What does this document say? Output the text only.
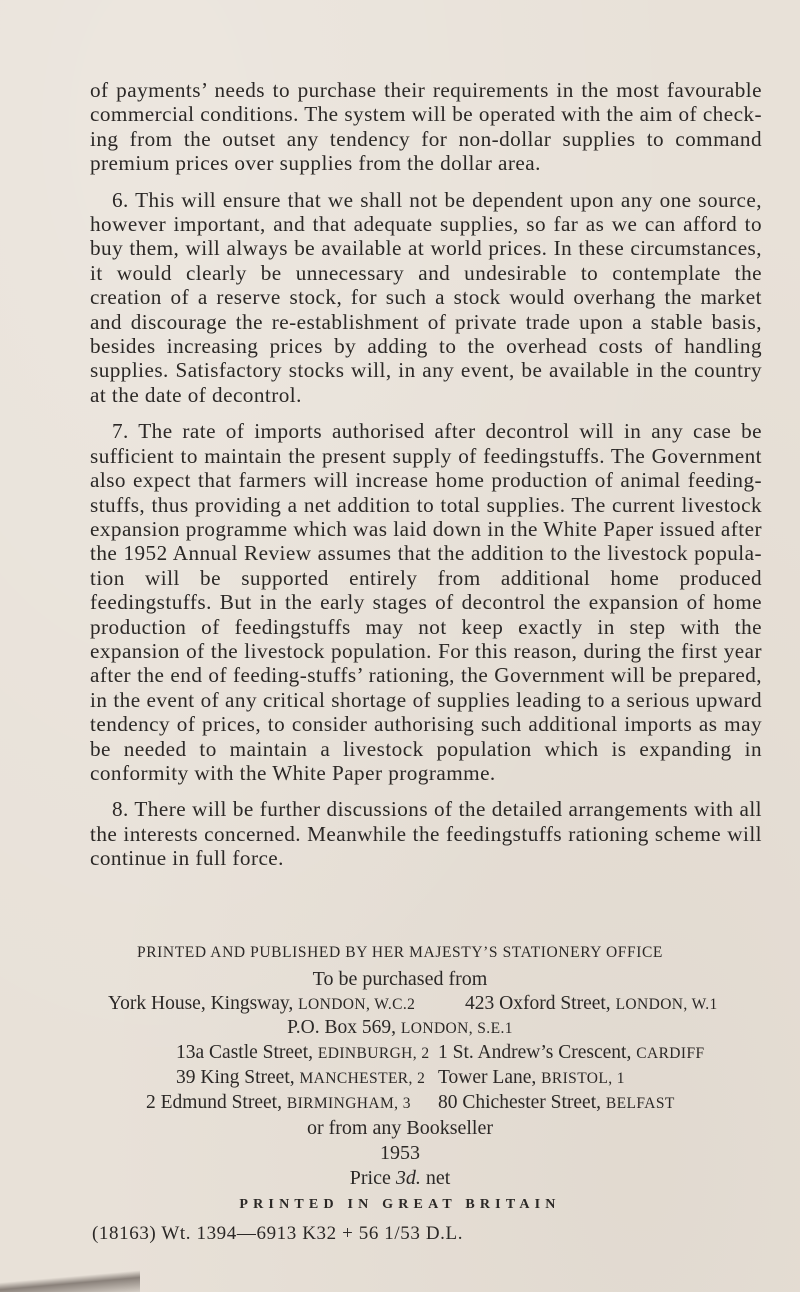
of payments’ needs to purchase their requirements in the most favourable commercial conditions. The system will be operated with the aim of check-ing from the outset any tendency for non-dollar supplies to command premium prices over supplies from the dollar area.

6. This will ensure that we shall not be dependent upon any one source, however important, and that adequate supplies, so far as we can afford to buy them, will always be available at world prices. In these circumstances, it would clearly be unnecessary and undesirable to contemplate the creation of a reserve stock, for such a stock would overhang the market and discourage the re-establishment of private trade upon a stable basis, besides increasing prices by adding to the overhead costs of handling supplies. Satisfactory stocks will, in any event, be available in the country at the date of decontrol.

7. The rate of imports authorised after decontrol will in any case be sufficient to maintain the present supply of feedingstuffs. The Government also expect that farmers will increase home production of animal feeding-stuffs, thus providing a net addition to total supplies. The current livestock expansion programme which was laid down in the White Paper issued after the 1952 Annual Review assumes that the addition to the livestock popula-tion will be supported entirely from additional home produced feedingstuffs. But in the early stages of decontrol the expansion of home production of feedingstuffs may not keep exactly in step with the expansion of the livestock population. For this reason, during the first year after the end of feeding-stuffs’ rationing, the Government will be prepared, in the event of any critical shortage of supplies leading to a serious upward tendency of prices, to consider authorising such additional imports as may be needed to maintain a livestock population which is expanding in conformity with the White Paper programme.

8. There will be further discussions of the detailed arrangements with all the interests concerned. Meanwhile the feedingstuffs rationing scheme will continue in full force.

PRINTED AND PUBLISHED BY HER MAJESTY’S STATIONERY OFFICE
To be purchased from
York House, Kingsway, LONDON, W.C.2	423 Oxford Street, LONDON, W.1
P.O. Box 569, LONDON, S.E.1
13a Castle Street, EDINBURGH, 2 1 St. Andrew’s Crescent, CARDIFF
39 King Street, MANCHESTER, 2 Tower Lane, BRISTOL, 1
2 Edmund Street, BIRMINGHAM, 3 80 Chichester Street, BELFAST
or from any Bookseller
1953
Price 3d. net
PRINTED IN GREAT BRITAIN
(18163) Wt. 1394—6913 K32 + 56 1/53 D.L.
